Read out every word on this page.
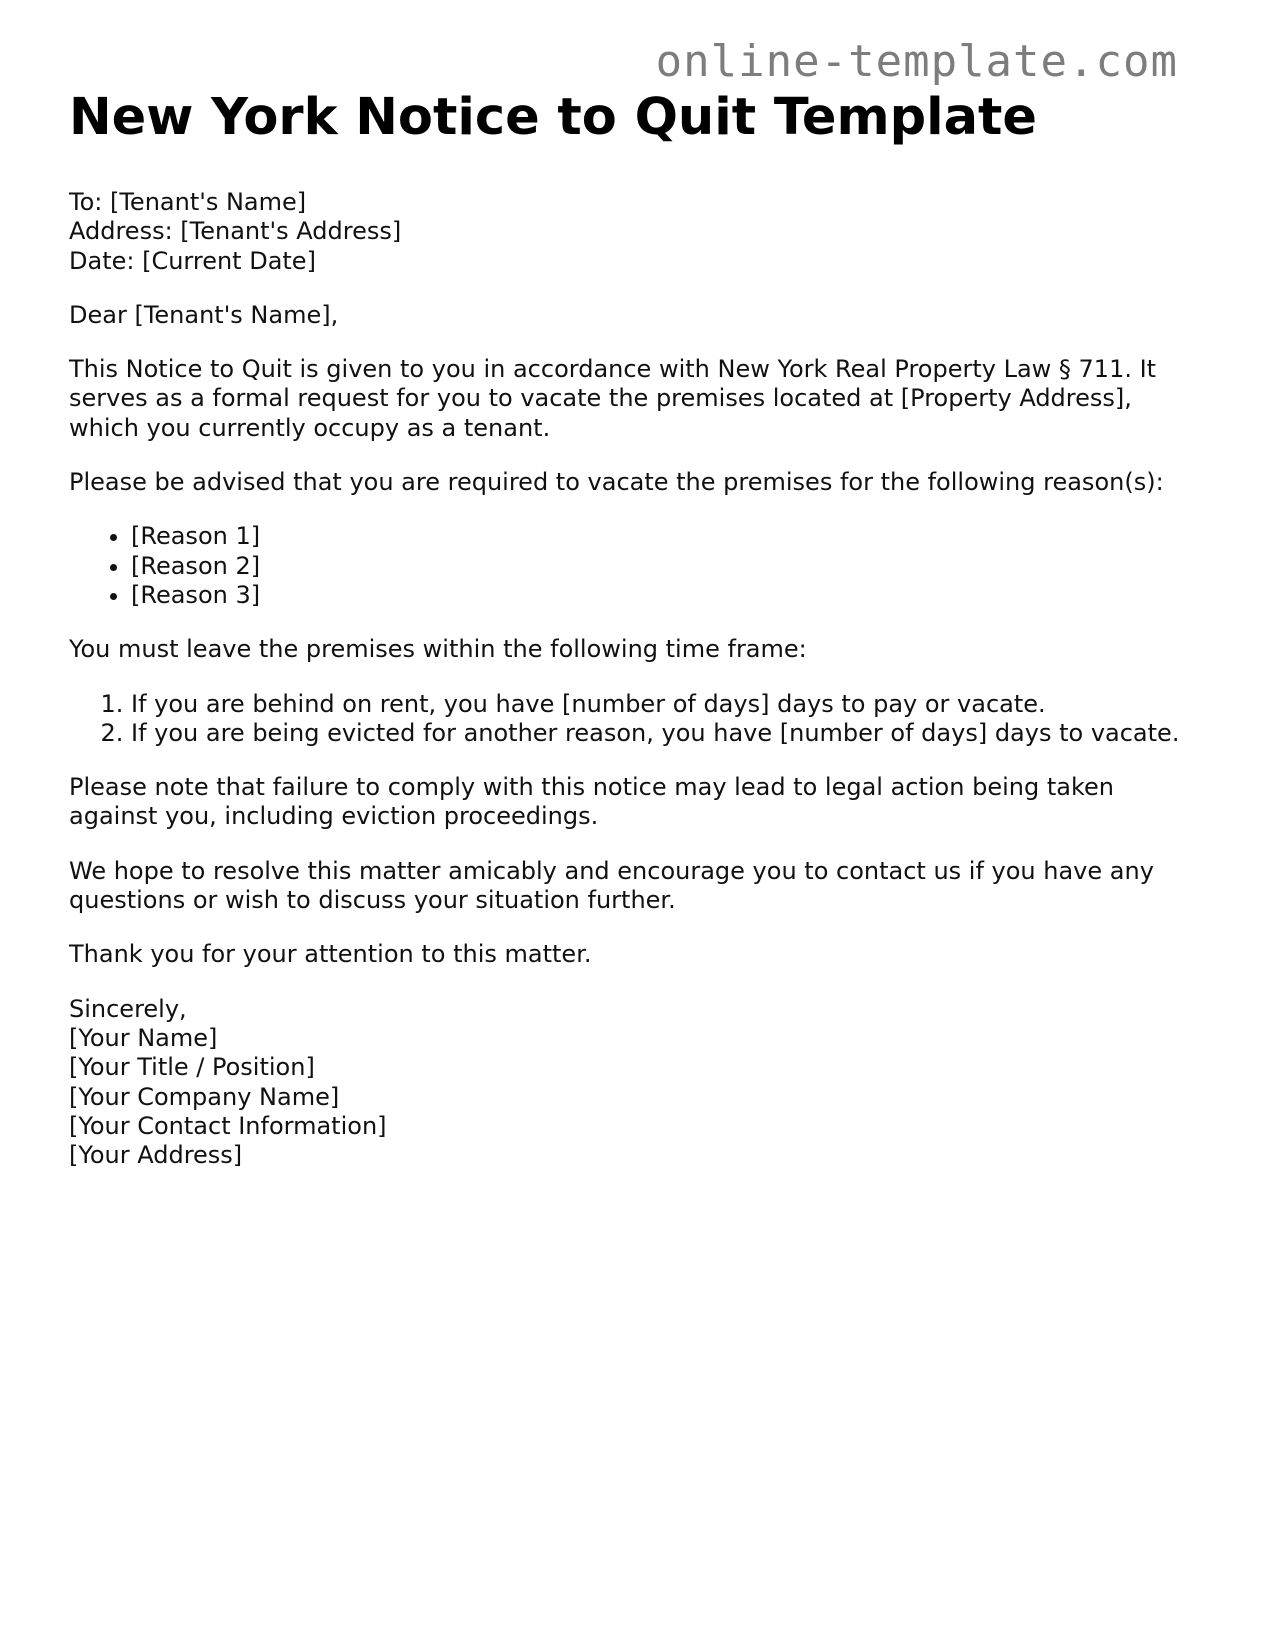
online-template.com
New York Notice to Quit Template

To: [Tenant's Name]
Address: [Tenant's Address]
Date: [Current Date]

Dear [Tenant's Name],

This Notice to Quit is given to you in accordance with New York Real Property Law § 711. It serves as a formal request for you to vacate the premises located at [Property Address], which you currently occupy as a tenant.

Please be advised that you are required to vacate the premises for the following reason(s):

• [Reason 1]
• [Reason 2]
• [Reason 3]

You must leave the premises within the following time frame:

1. If you are behind on rent, you have [number of days] days to pay or vacate.
2. If you are being evicted for another reason, you have [number of days] days to vacate.

Please note that failure to comply with this notice may lead to legal action being taken against you, including eviction proceedings.

We hope to resolve this matter amicably and encourage you to contact us if you have any questions or wish to discuss your situation further.

Thank you for your attention to this matter.

Sincerely,
[Your Name]
[Your Title / Position]
[Your Company Name]
[Your Contact Information]
[Your Address]
